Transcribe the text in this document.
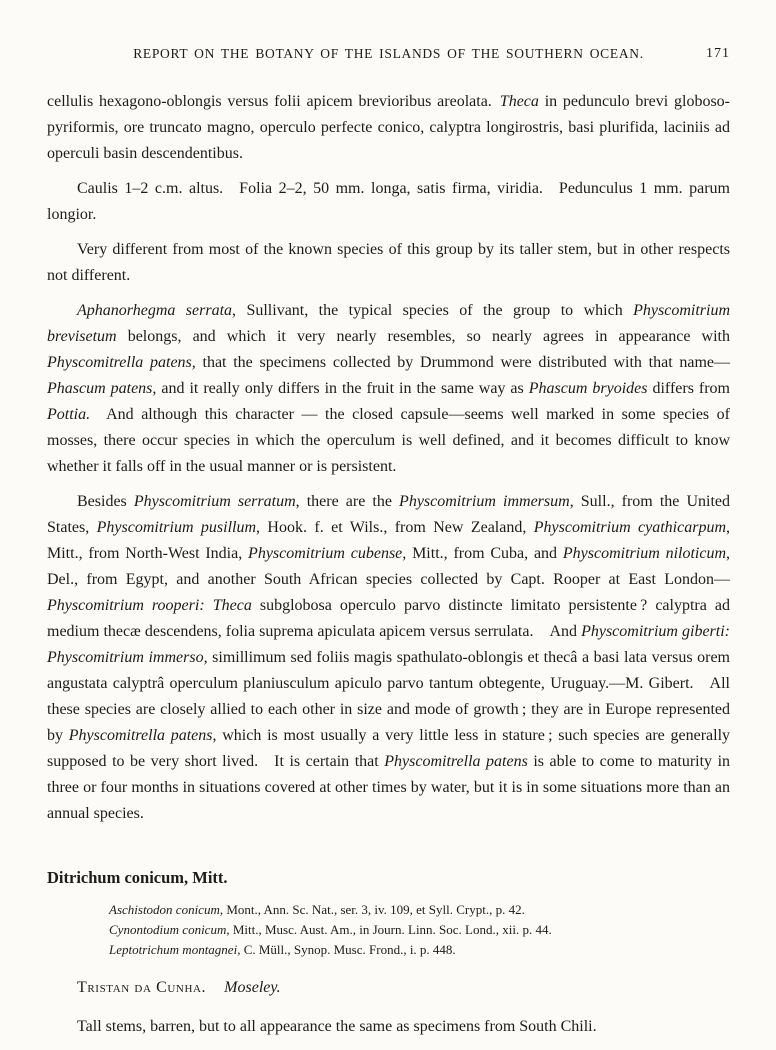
REPORT ON THE BOTANY OF THE ISLANDS OF THE SOUTHERN OCEAN.	171

cellulis hexagono-oblongis versus folii apicem brevioribus areolata. Theca in pedunculo brevi globoso-pyriformis, ore truncato magno, operculo perfecte conico, calyptra longirostris, basi plurifida, laciniis ad operculi basin descendentibus.

Caulis 1–2 c.m. altus. Folia 2–2, 50 mm. longa, satis firma, viridia. Pedunculus 1 mm. parum longior.

Very different from most of the known species of this group by its taller stem, but in other respects not different.

Aphanorhegma serrata, Sullivant, the typical species of the group to which Physcomitrium brevisetum belongs, and which it very nearly resembles, so nearly agrees in appearance with Physcomitrella patens, that the specimens collected by Drummond were distributed with that name—Phascum patens, and it really only differs in the fruit in the same way as Phascum bryoides differs from Pottia. And although this character — the closed capsule—seems well marked in some species of mosses, there occur species in which the operculum is well defined, and it becomes difficult to know whether it falls off in the usual manner or is persistent.

Besides Physcomitrium serratum, there are the Physcomitrium immersum, Sull., from the United States, Physcomitrium pusillum, Hook. f. et Wils., from New Zealand, Physcomitrium cyathicarpum, Mitt., from North-West India, Physcomitrium cubense, Mitt., from Cuba, and Physcomitrium niloticum, Del., from Egypt, and another South African species collected by Capt. Rooper at East London—Physcomitrium rooperi: Theca subglobosa operculo parvo distincte limitato persistente ? calyptra ad medium thecæ descendens, folia suprema apiculata apicem versus serrulata. And Physcomitrium giberti: Physcomitrium immerso, simillimum sed foliis magis spathulato-oblongis et thecâ a basi lata versus orem angustata calyptrâ operculum planiusculum apiculo parvo tantum obtegente, Uruguay.—M. Gibert. All these species are closely allied to each other in size and mode of growth ; they are in Europe represented by Physcomitrella patens, which is most usually a very little less in stature ; such species are generally supposed to be very short lived. It is certain that Physcomitrella patens is able to come to maturity in three or four months in situations covered at other times by water, but it is in some situations more than an annual species.

Ditrichum conicum, Mitt.

Aschistodon conicum, Mont., Ann. Sc. Nat., ser. 3, iv. 109, et Syll. Crypt., p. 42.

Cynontodium conicum, Mitt., Musc. Aust. Am., in Journ. Linn. Soc. Lond., xii. p. 44.

Leptotrichum montagnei, C. Müll., Synop. Musc. Frond., i. p. 448.

Tristan da Cunha. Moseley.

Tall stems, barren, but to all appearance the same as specimens from South Chili.
